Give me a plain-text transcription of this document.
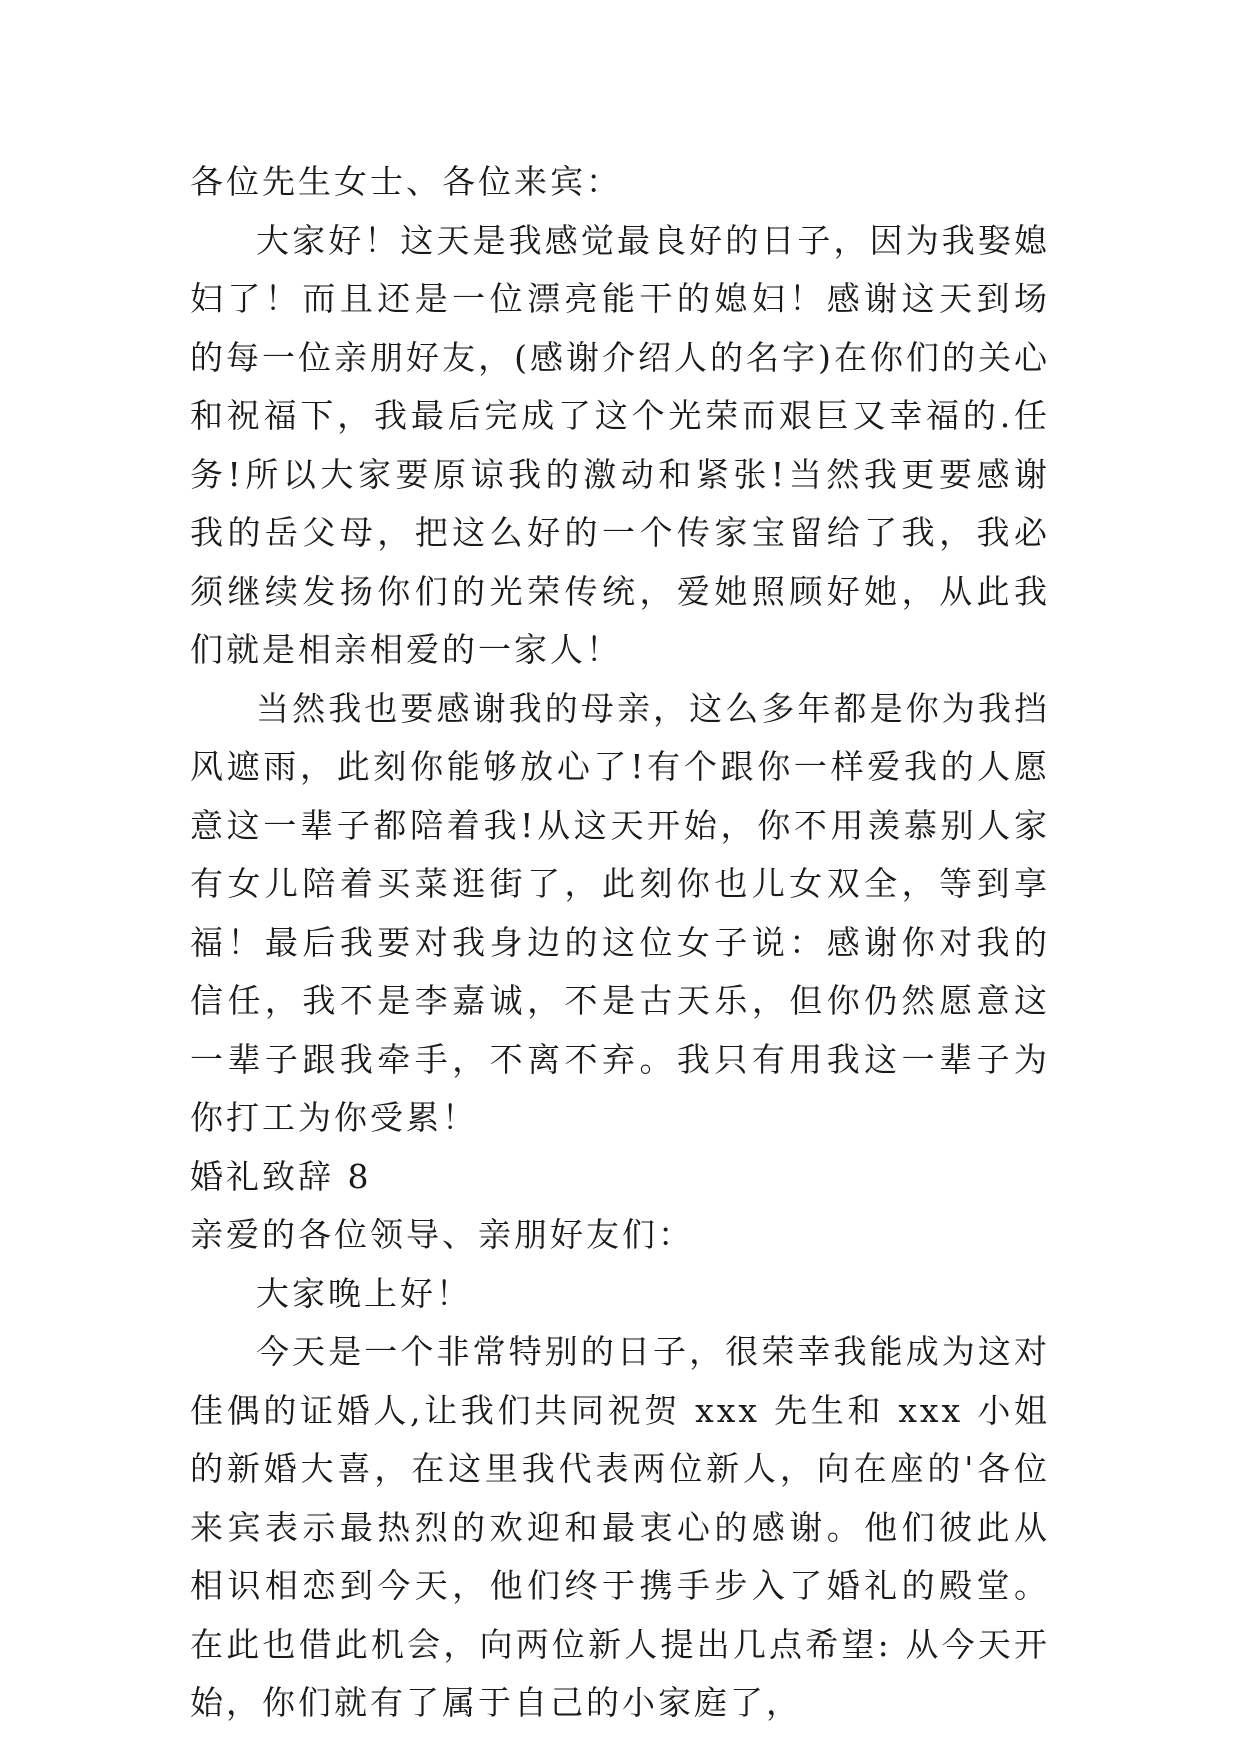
各位先生女士、各位来宾：

大家好！这天是我感觉最良好的日子，因为我娶媳妇了！而且还是一位漂亮能干的媳妇！感谢这天到场的每一位亲朋好友，(感谢介绍人的名字)在你们的关心和祝福下，我最后完成了这个光荣而艰巨又幸福的.任务!所以大家要原谅我的激动和紧张!当然我更要感谢我的岳父母，把这么好的一个传家宝留给了我，我必须继续发扬你们的光荣传统，爱她照顾好她，从此我们就是相亲相爱的一家人！

当然我也要感谢我的母亲，这么多年都是你为我挡风遮雨，此刻你能够放心了!有个跟你一样爱我的人愿意这一辈子都陪着我!从这天开始，你不用羡慕别人家有女儿陪着买菜逛街了，此刻你也儿女双全，等到享福！最后我要对我身边的这位女子说：感谢你对我的信任，我不是李嘉诚，不是古天乐，但你仍然愿意这一辈子跟我牵手，不离不弃。我只有用我这一辈子为你打工为你受累！

婚礼致辞 8

亲爱的各位领导、亲朋好友们：

大家晚上好！

今天是一个非常特别的日子，很荣幸我能成为这对佳偶的证婚人,让我们共同祝贺 xxx 先生和 xxx 小姐的新婚大喜，在这里我代表两位新人，向在座的'各位来宾表示最热烈的欢迎和最衷心的感谢。他们彼此从相识相恋到今天，他们终于携手步入了婚礼的殿堂。在此也借此机会，向两位新人提出几点希望: 从今天开始，你们就有了属于自己的小家庭了，
